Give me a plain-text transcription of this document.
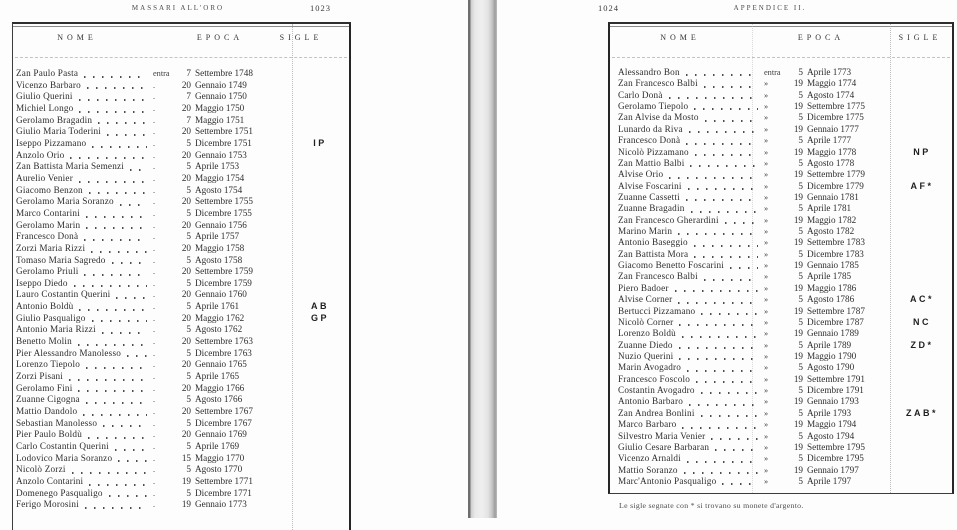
MASSARI ALL'ORO	1023
NOME	EPOCA	SIGLE
Zan Paulo Pasta	entra	7 Settembre 1748
Vicenzo Barbaro	.	20 Gennaio 1749
Giulio Querini	.	7 Gennaio 1750
Michiel Longo	.	20 Maggio 1750
Gerolamo Bragadin	.	7 Maggio 1751
Giulio Maria Toderini	.	20 Settembre 1751
Iseppo Pizzamano	.	5 Dicembre 1751	IP
Anzolo Orio	.	20 Gennaio 1753
Zan Battista Maria Semenzi	.	5 Aprile 1753
Aurelio Venier	.	20 Maggio 1754
Giacomo Benzon	.	5 Agosto 1754
Gerolamo Maria Soranzo	.	20 Settembre 1755
Marco Contarini	.	5 Dicembre 1755
Gerolamo Marin	.	20 Gennaio 1756
Francesco Donà	.	5 Aprile 1757
Zorzi Maria Rizzi	.	20 Maggio 1758
Tomaso Maria Sagredo	.	5 Agosto 1758
Gerolamo Priuli	.	20 Settembre 1759
Iseppo Diedo	.	5 Dicembre 1759
Lauro Costantin Querini	.	20 Gennaio 1760
Antonio Boldù	.	5 Aprile 1761	AB
Giulio Pasqualigo	.	20 Maggio 1762	GP
Antonio Maria Rizzi	.	5 Agosto 1762
Benetto Molin	.	20 Settembre 1763
Pier Alessandro Manolesso	.	5 Dicembre 1763
Lorenzo Tiepolo	.	20 Gennaio 1765
Zorzi Pisani	.	5 Aprile 1765
Gerolamo Fini	.	20 Maggio 1766
Zuanne Cigogna	.	5 Agosto 1766
Mattio Dandolo	.	20 Settembre 1767
Sebastian Manolesso	.	5 Dicembre 1767
Pier Paulo Boldù	.	20 Gennaio 1769
Carlo Costantin Querini	.	5 Aprile 1769
Lodovico Maria Soranzo	.	15 Maggio 1770
Nicolò Zorzi	.	5 Agosto 1770
Anzolo Contarini	.	19 Settembre 1771
Domenego Pasqualigo	.	5 Dicembre 1771
Ferigo Morosini	.	19 Gennaio 1773
1024	APPENDICE II.
NOME	EPOCA	SIGLE
Alessandro Bon	entra	5 Aprile 1773
Zan Francesco Balbi	»	19 Maggio 1774
Carlo Donà	»	5 Agosto 1774
Gerolamo Tiepolo	»	19 Settembre 1775
Zan Alvise da Mosto	»	5 Dicembre 1775
Lunardo da Riva	»	19 Gennaio 1777
Francesco Donà	»	5 Aprile 1777
Nicolò Pizzamano	»	19 Maggio 1778	NP
Zan Mattio Balbi	»	5 Agosto 1778
Alvise Orio	»	19 Settembre 1779
Alvise Foscarini	»	5 Dicembre 1779	AF*
Zuanne Cassetti	»	19 Gennaio 1781
Zuanne Bragadin	»	5 Aprile 1781
Zan Francesco Gherardini	»	19 Maggio 1782
Marino Marin	»	5 Agosto 1782
Antonio Baseggio	»	19 Settembre 1783
Zan Battista Mora	»	5 Dicembre 1783
Giacomo Benetto Foscarini	»	19 Gennaio 1785
Zan Francesco Balbi	»	5 Aprile 1785
Piero Badoer	»	19 Maggio 1786
Alvise Corner	»	5 Agosto 1786	AC*
Bertucci Pizzamano	»	19 Settembre 1787
Nicolò Corner	»	5 Dicembre 1787	NC
Lorenzo Boldù	»	19 Gennaio 1789
Zuanne Diedo	»	5 Aprile 1789	ZD*
Nuzio Querini	»	19 Maggio 1790
Marin Avogadro	»	5 Agosto 1790
Francesco Foscolo	»	19 Settembre 1791
Costantin Avogadro	»	5 Dicembre 1791
Antonio Barbaro	»	19 Gennaio 1793
Zan Andrea Bonlini	»	5 Aprile 1793	ZAB*
Marco Barbaro	»	19 Maggio 1794
Silvestro Maria Venier	»	5 Agosto 1794
Giulio Cesare Barbaran	»	19 Settembre 1795
Vicenzo Arnaldi	»	5 Dicembre 1795
Mattio Soranzo	»	19 Gennaio 1797
Marc'Antonio Pasqualigo	»	5 Aprile 1797
Le sigle segnate con * si trovano su monete d'argento.
